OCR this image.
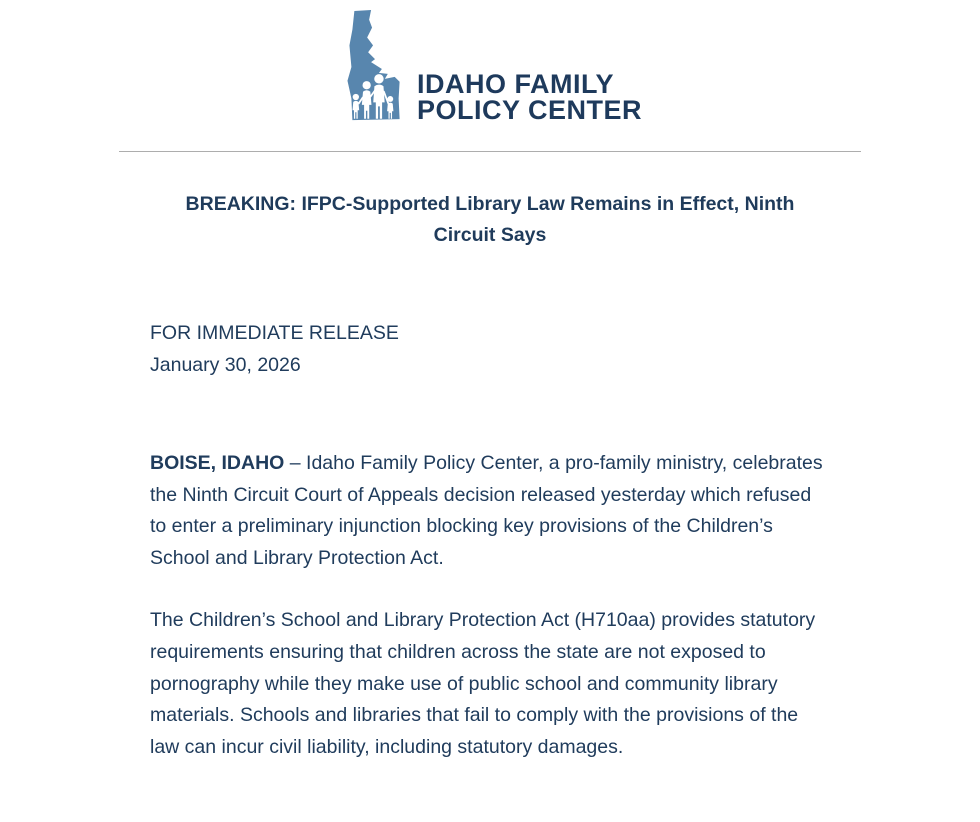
IDAHO FAMILY
POLICY CENTER
BREAKING: IFPC-Supported Library Law Remains in Effect, Ninth Circuit Says

FOR IMMEDIATE RELEASE

January 30, 2026

BOISE, IDAHO – Idaho Family Policy Center, a pro-family ministry, celebrates the Ninth Circuit Court of Appeals decision released yesterday which refused to enter a preliminary injunction blocking key provisions of the Children’s School and Library Protection Act.

The Children’s School and Library Protection Act (H710aa) provides statutory requirements ensuring that children across the state are not exposed to pornography while they make use of public school and community library materials. Schools and libraries that fail to comply with the provisions of the law can incur civil liability, including statutory damages.
